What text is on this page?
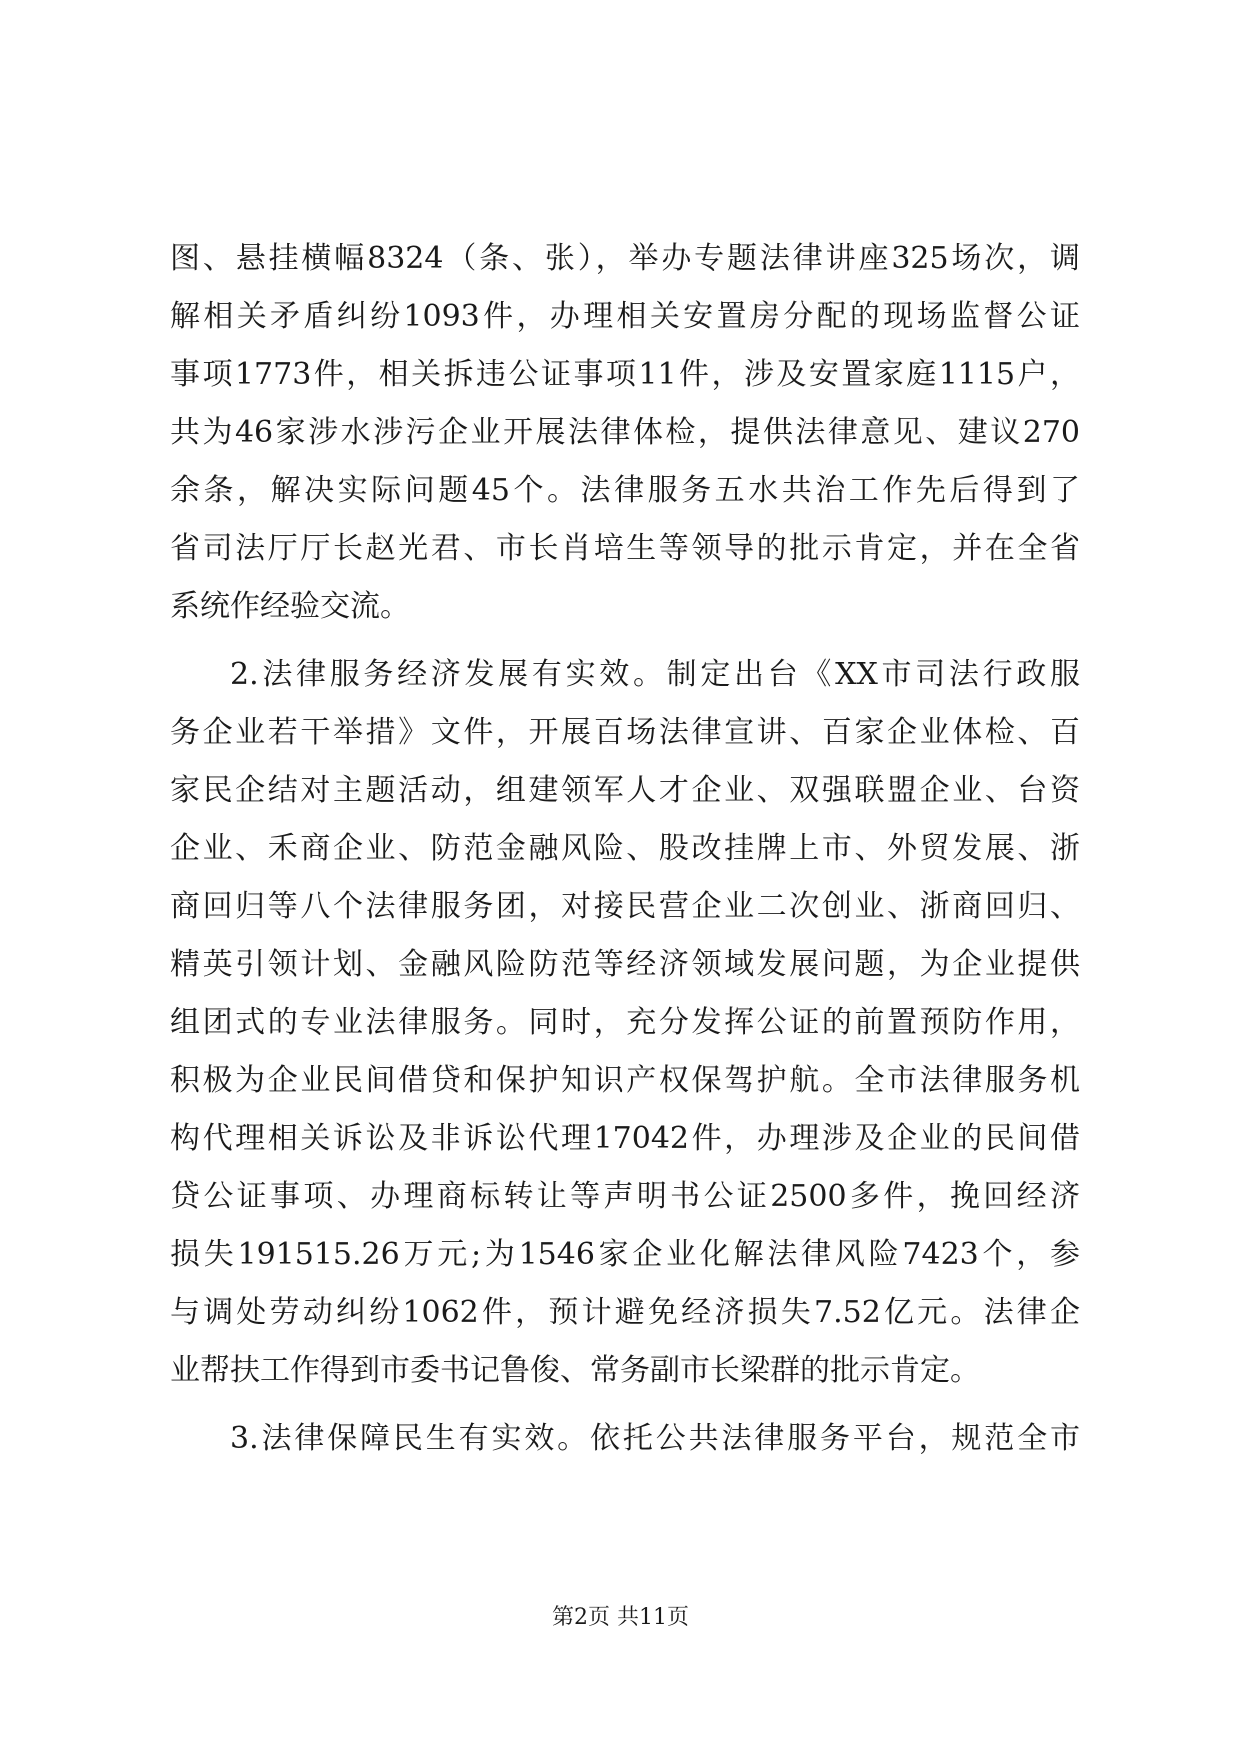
图、悬挂横幅8324（条、张），举办专题法律讲座325场次，调
解相关矛盾纠纷1093件，办理相关安置房分配的现场监督公证
事项1773件，相关拆违公证事项11件，涉及安置家庭1115户，
共为46家涉水涉污企业开展法律体检，提供法律意见、建议270
余条，解决实际问题45个。法律服务五水共治工作先后得到了
省司法厅厅长赵光君、市长肖培生等领导的批示肯定，并在全省
系统作经验交流。
2.法律服务经济发展有实效。制定出台《XX市司法行政服
务企业若干举措》文件，开展百场法律宣讲、百家企业体检、百
家民企结对主题活动，组建领军人才企业、双强联盟企业、台资
企业、禾商企业、防范金融风险、股改挂牌上市、外贸发展、浙
商回归等八个法律服务团，对接民营企业二次创业、浙商回归、
精英引领计划、金融风险防范等经济领域发展问题，为企业提供
组团式的专业法律服务。同时，充分发挥公证的前置预防作用，
积极为企业民间借贷和保护知识产权保驾护航。全市法律服务机
构代理相关诉讼及非诉讼代理17042件，办理涉及企业的民间借
贷公证事项、办理商标转让等声明书公证2500多件，挽回经济
损失191515.26万元;为1546家企业化解法律风险7423个，参
与调处劳动纠纷1062件，预计避免经济损失7.52亿元。法律企
业帮扶工作得到市委书记鲁俊、常务副市长梁群的批示肯定。
3.法律保障民生有实效。依托公共法律服务平台，规范全市
第2页 共11页
